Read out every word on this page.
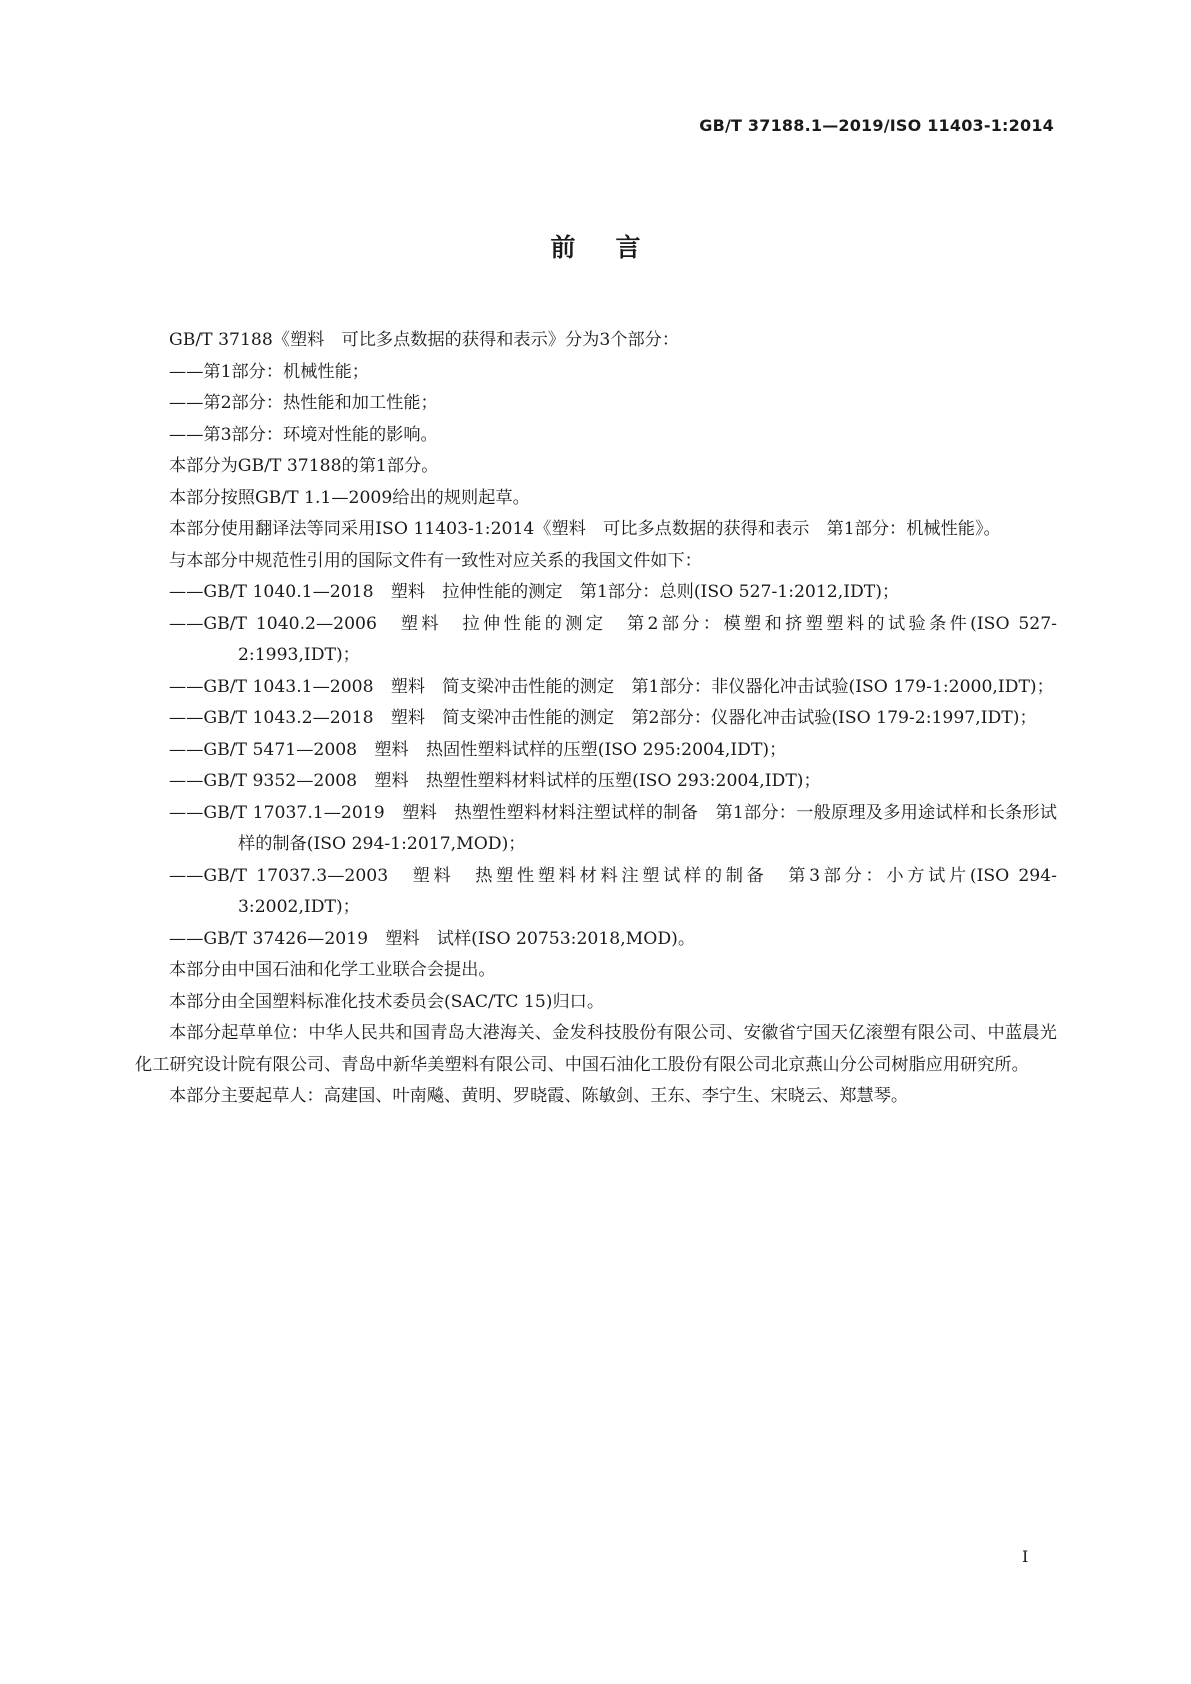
GB/T 37188.1—2019/ISO 11403-1:2014
前言

GB/T 37188《塑料　可比多点数据的获得和表示》分为3个部分：

——第1部分：机械性能；

——第2部分：热性能和加工性能；

——第3部分：环境对性能的影响。

本部分为GB/T 37188的第1部分。

本部分按照GB/T 1.1—2009给出的规则起草。

本部分使用翻译法等同采用ISO 11403-1:2014《塑料　可比多点数据的获得和表示　第1部分：机械性能》。

与本部分中规范性引用的国际文件有一致性对应关系的我国文件如下：

——GB/T 1040.1—2018　塑料　拉伸性能的测定　第1部分：总则(ISO 527-1:2012,IDT)；

——GB/T 1040.2—2006　塑料　拉伸性能的测定　第2部分：模塑和挤塑塑料的试验条件(ISO 527-2:1993,IDT)；

——GB/T 1043.1—2008　塑料　简支梁冲击性能的测定　第1部分：非仪器化冲击试验(ISO 179-1:2000,IDT)；

——GB/T 1043.2—2018　塑料　简支梁冲击性能的测定　第2部分：仪器化冲击试验(ISO 179-2:1997,IDT)；

——GB/T 5471—2008　塑料　热固性塑料试样的压塑(ISO 295:2004,IDT)；

——GB/T 9352—2008　塑料　热塑性塑料材料试样的压塑(ISO 293:2004,IDT)；

——GB/T 17037.1—2019　塑料　热塑性塑料材料注塑试样的制备　第1部分：一般原理及多用途试样和长条形试样的制备(ISO 294-1:2017,MOD)；

——GB/T 17037.3—2003　塑料　热塑性塑料材料注塑试样的制备　第3部分：小方试片(ISO 294-3:2002,IDT)；

——GB/T 37426—2019　塑料　试样(ISO 20753:2018,MOD)。

本部分由中国石油和化学工业联合会提出。

本部分由全国塑料标准化技术委员会(SAC/TC 15)归口。

本部分起草单位：中华人民共和国青岛大港海关、金发科技股份有限公司、安徽省宁国天亿滚塑有限公司、中蓝晨光化工研究设计院有限公司、青岛中新华美塑料有限公司、中国石油化工股份有限公司北京燕山分公司树脂应用研究所。

本部分主要起草人：高建国、叶南飚、黄明、罗晓霞、陈敏剑、王东、李宁生、宋晓云、郑慧琴。

I
